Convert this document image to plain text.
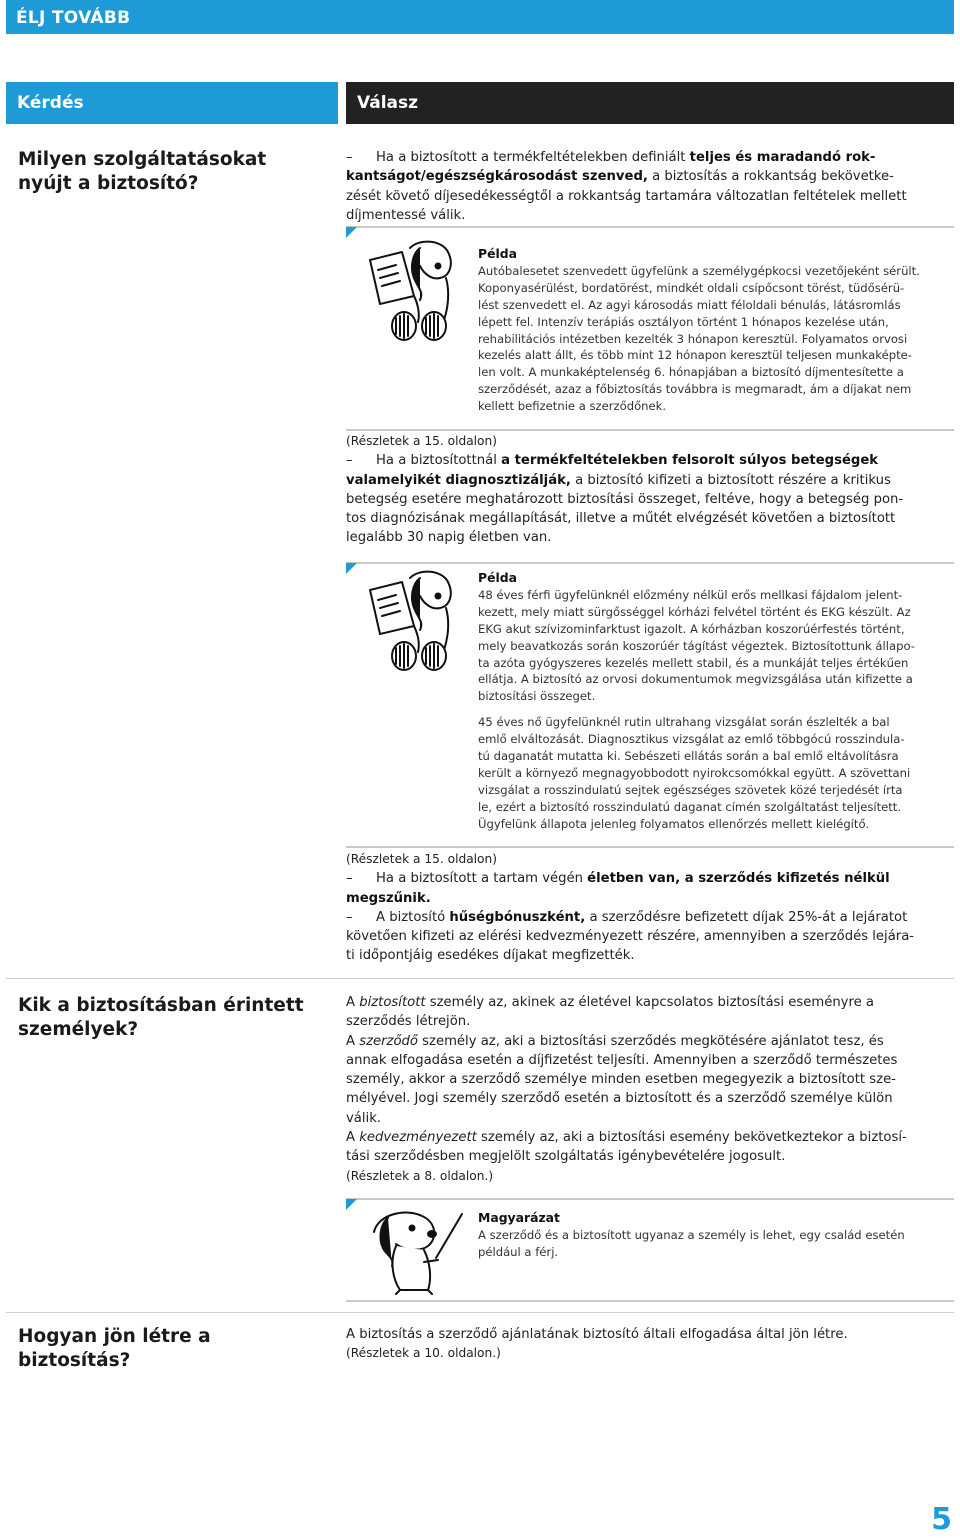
ÉLJ TOVÁBB
Kérdés	Válasz
Milyen szolgáltatásokat nyújt a biztosító?

– Ha a biztosított a termékfeltételekben definiált teljes és maradandó rok-

kantságot/egészségkárosodást szenved, a biztosítás a rokkantság bekövetke-

zését követő díjesedékességtől a rokkantság tartamára változatlan feltételek mellett

díjmentessé válik.

Példa

Autóbalesetet szenvedett ügyfelünk a személygépkocsi vezetőjeként sérült.

Koponyasérülést, bordatörést, mindkét oldali csípőcsont törést, tüdősérü-

lést szenvedett el. Az agyi károsodás miatt féloldali bénulás, látásromlás

lépett fel. Intenzív terápiás osztályon történt 1 hónapos kezelése után,

rehabilitációs intézetben kezelték 3 hónapon keresztül. Folyamatos orvosi

kezelés alatt állt, és több mint 12 hónapon keresztül teljesen munkaképte-

len volt. A munkaképtelenség 6. hónapjában a biztosító díjmentesítette a

szerződését, azaz a főbiztosítás továbbra is megmaradt, ám a díjakat nem

kellett befizetnie a szerződőnek.

(Részletek a 15. oldalon)

– Ha a biztosítottnál a termékfeltételekben felsorolt súlyos betegségek

valamelyikét diagnosztizálják, a biztosító kifizeti a biztosított részére a kritikus

betegség esetére meghatározott biztosítási összeget, feltéve, hogy a betegség pon-

tos diagnózisának megállapítását, illetve a műtét elvégzését követően a biztosított

legalább 30 napig életben van.

Példa

48 éves férfi ügyfelünknél előzmény nélkül erős mellkasi fájdalom jelent-

kezett, mely miatt sürgősséggel kórházi felvétel történt és EKG készült. Az

EKG akut szívizominfarktust igazolt. A kórházban koszorúérfestés történt,

mely beavatkozás során koszorúér tágítást végeztek. Biztosítottunk állapo-

ta azóta gyógyszeres kezelés mellett stabil, és a munkáját teljes értékűen

ellátja. A biztosító az orvosi dokumentumok megvizsgálása után kifizette a

biztosítási összeget.

45 éves nő ügyfelünknél rutin ultrahang vizsgálat során észlelték a bal

emlő elváltozását. Diagnosztikus vizsgálat az emlő többgócú rosszindula-

tú daganatát mutatta ki. Sebészeti ellátás során a bal emlő eltávolításra

került a környező megnagyobbodott nyirokcsomókkal együtt. A szövettani

vizsgálat a rosszindulatú sejtek egészséges szövetek közé terjedését írta

le, ezért a biztosító rosszindulatú daganat címén szolgáltatást teljesített.

Ügyfelünk állapota jelenleg folyamatos ellenőrzés mellett kielégítő.

(Részletek a 15. oldalon)

– Ha a biztosított a tartam végén életben van, a szerződés kifizetés nélkül

megszűnik.

– A biztosító hűségbónuszként, a szerződésre befizetett díjak 25%-át a lejáratot

követően kifizeti az elérési kedvezményezett részére, amennyiben a szerződés lejára-

ti időpontjáig esedékes díjakat megfizették.

Kik a biztosításban érintett személyek?

A biztosított személy az, akinek az életével kapcsolatos biztosítási eseményre a

szerződés létrejön.

A szerződő személy az, aki a biztosítási szerződés megkötésére ajánlatot tesz, és

annak elfogadása esetén a díjfizetést teljesíti. Amennyiben a szerződő természetes

személy, akkor a szerződő személye minden esetben megegyezik a biztosított sze-

mélyével. Jogi személy szerződő esetén a biztosított és a szerződő személye külön

válik.

A kedvezményezett személy az, aki a biztosítási esemény bekövetkeztekor a biztosí-

tási szerződésben megjelölt szolgáltatás igénybevételére jogosult.

(Részletek a 8. oldalon.)

Magyarázat

A szerződő és a biztosított ugyanaz a személy is lehet, egy család esetén

például a férj.

Hogyan jön létre a biztosítás?

A biztosítás a szerződő ajánlatának biztosító általi elfogadása által jön létre.

(Részletek a 10. oldalon.)

5
